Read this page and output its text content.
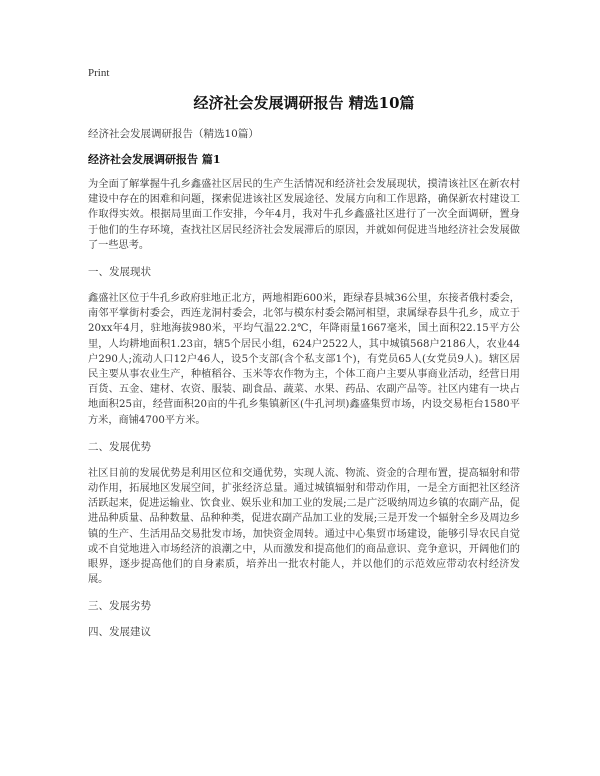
Print
经济社会发展调研报告 精选10篇
经济社会发展调研报告（精选10篇）
经济社会发展调研报告 篇1
为全面了解掌握牛孔乡鑫盛社区居民的生产生活情况和经济社会发展现状，摸清该社区在新农村建设中存在的困难和问题，探索促进该社区发展途径、发展方向和工作思路，确保新农村建设工作取得实效。根据局里面工作安排，今年4月，我对牛孔乡鑫盛社区进行了一次全面调研，置身于他们的生存环境，查找社区居民经济社会发展滞后的原因，并就如何促进当地经济社会发展做了一些思考。
一、发展现状
鑫盛社区位于牛孔乡政府驻地正北方，两地相距600米，距绿春县城36公里，东接者俄村委会，南邻平掌街村委会，西连龙洞村委会，北邻与模东村委会隔河相望，隶属绿春县牛孔乡，成立于20xx年4月，驻地海拔980米，平均气温22.2℃，年降雨量1667毫米，国土面积22.15平方公里，人均耕地面积1.23亩，辖5个居民小组，624户2522人，其中城镇568户2186人，农业44户290人;流动人口12户46人，设5个支部(含个私支部1个)，有党员65人(女党员9人)。辖区居民主要从事农业生产，种植稻谷、玉米等农作物为主，个体工商户主要从事商业活动，经营日用百货、五金、建材、农资、服装、副食品、蔬菜、水果、药品、农副产品等。社区内建有一块占地面积25亩，经营面积20亩的牛孔乡集镇新区(牛孔河坝)鑫盛集贸市场，内设交易柜台1580平方米，商铺4700平方米。
二、发展优势
社区目前的发展优势是利用区位和交通优势，实现人流、物流、资金的合理布置，提高辐射和带动作用，拓展地区发展空间，扩张经济总量。通过城镇辐射和带动作用，一是全方面把社区经济活跃起来，促进运输业、饮食业、娱乐业和加工业的发展;二是广泛吸纳周边乡镇的农副产品，促进品种质量、品种数量、品种种类，促进农副产品加工业的发展;三是开发一个辐射全乡及周边乡镇的生产、生活用品交易批发市场，加快资金周转。通过中心集贸市场建设，能够引导农民自觉或不自觉地进入市场经济的浪潮之中，从而激发和提高他们的商品意识、竞争意识，开阔他们的眼界，逐步提高他们的自身素质，培养出一批农村能人，并以他们的示范效应带动农村经济发展。
三、发展劣势
四、发展建议
